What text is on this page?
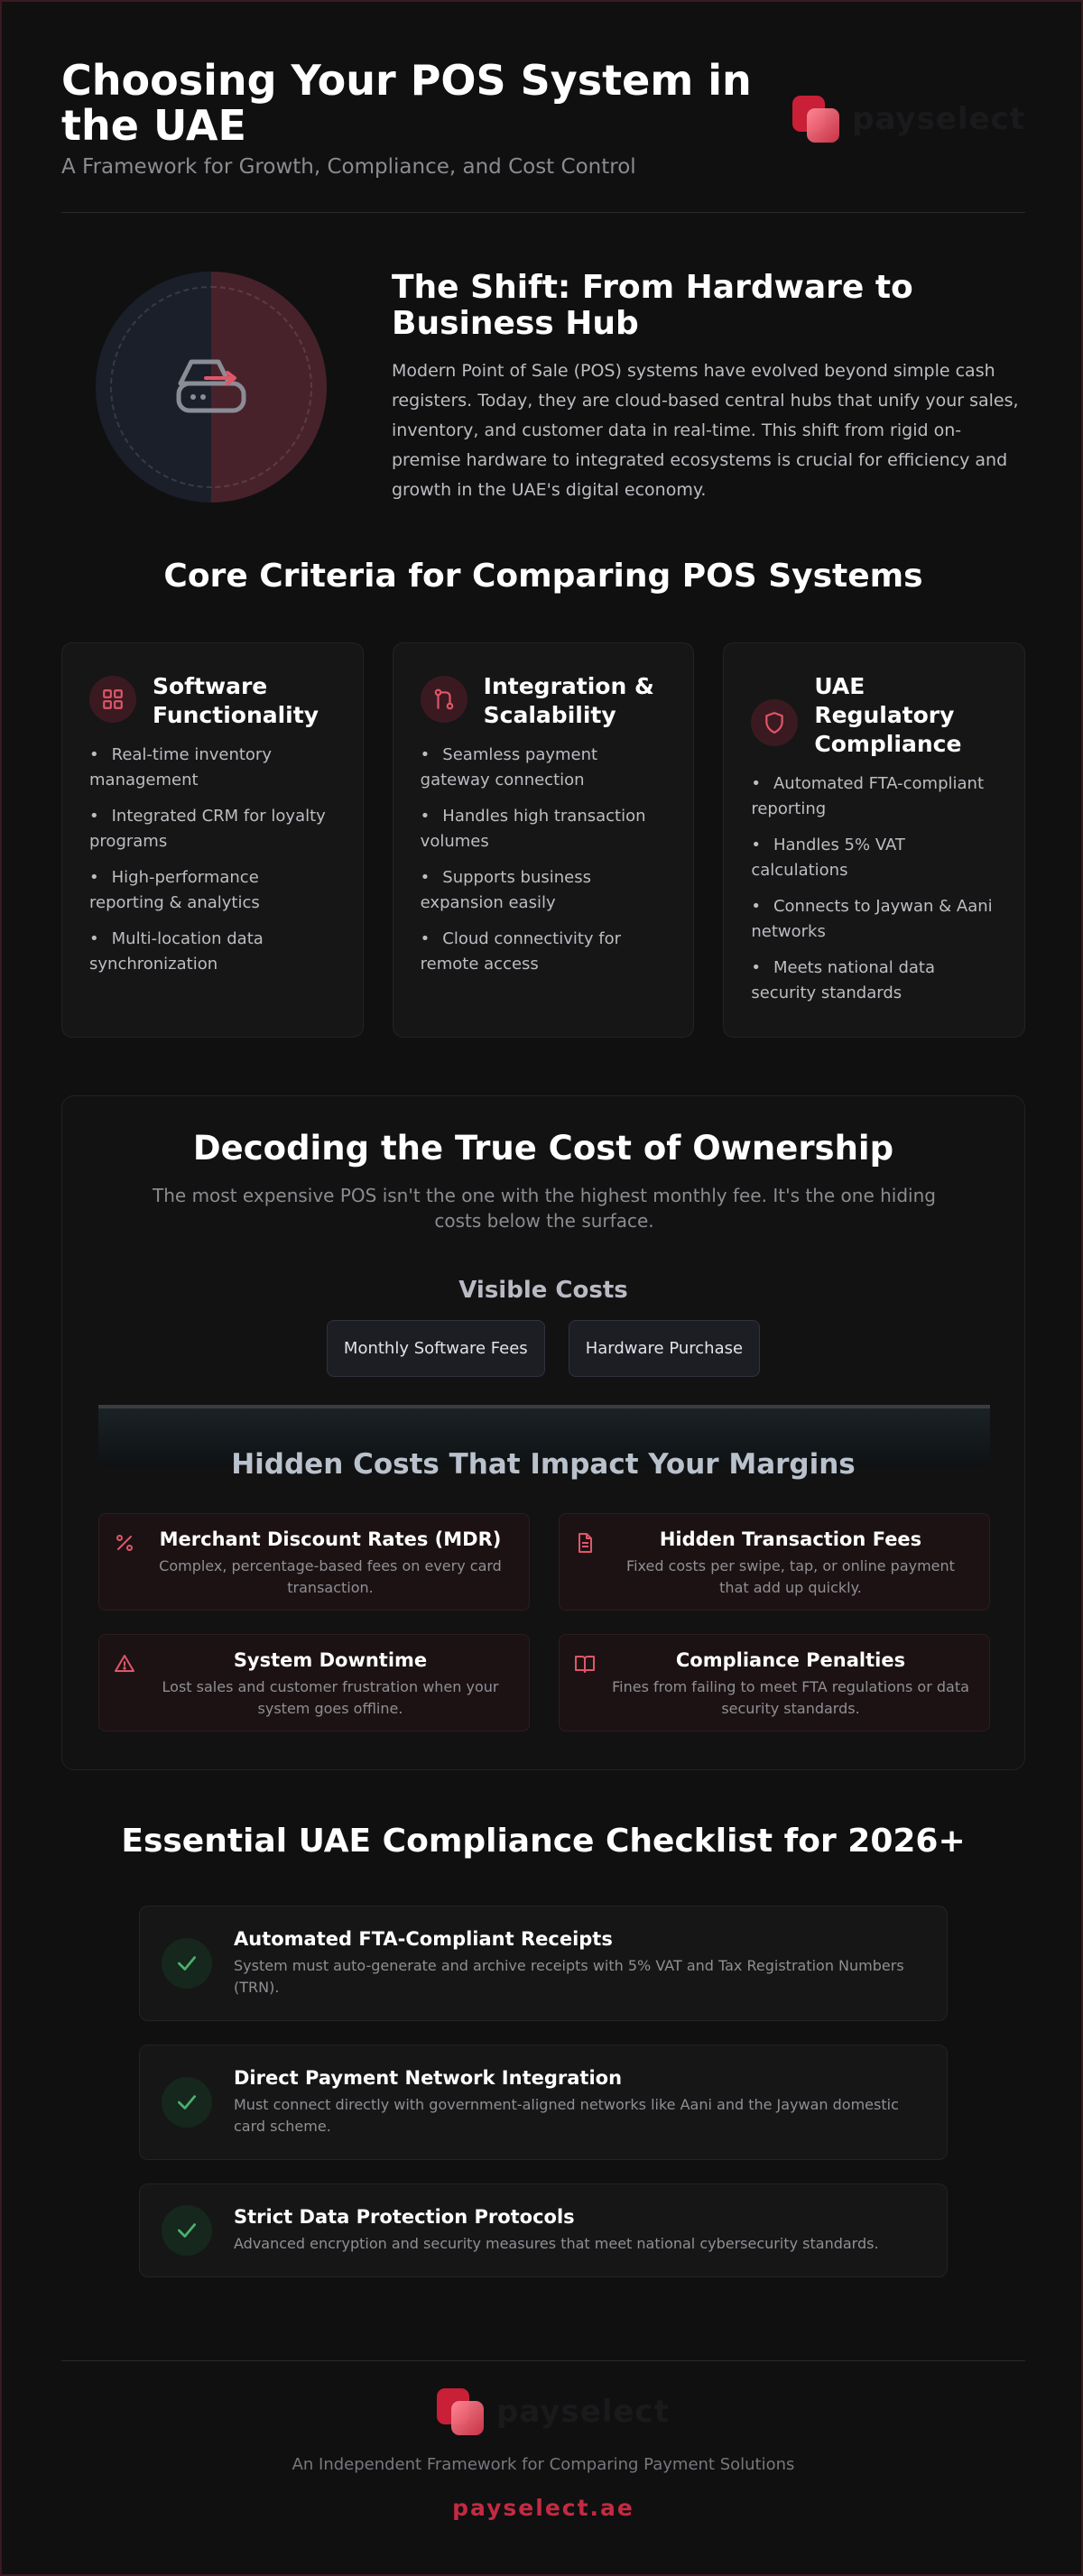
Choosing Your POS System in the UAE
A Framework for Growth, Compliance, and Cost Control
payselect
The Shift: From Hardware to Business Hub

Modern Point of Sale (POS) systems have evolved beyond simple cash registers. Today, they are cloud-based central hubs that unify your sales, inventory, and customer data in real-time. This shift from rigid on-premise hardware to integrated ecosystems is crucial for efficiency and growth in the UAE's digital economy.

Core Criteria for Comparing POS Systems
Software Functionality
• Real-time inventory management
• Integrated CRM for loyalty programs
• High-performance reporting & analytics
• Multi-location data synchronization
Integration & Scalability
• Seamless payment gateway connection
• Handles high transaction volumes
• Supports business expansion easily
• Cloud connectivity for remote access
UAE Regulatory Compliance
• Automated FTA-compliant reporting
• Handles 5% VAT calculations
• Connects to Jaywan & Aani networks
• Meets national data security standards
Decoding the True Cost of Ownership

The most expensive POS isn't the one with the highest monthly fee. It's the one hiding costs below the surface.

Visible Costs
Monthly Software Fees	Hardware Purchase
Hidden Costs That Impact Your Margins
Merchant Discount Rates (MDR)
Complex, percentage-based fees on every card transaction.
Hidden Transaction Fees
Fixed costs per swipe, tap, or online payment that add up quickly.
System Downtime
Lost sales and customer frustration when your system goes offline.
Compliance Penalties
Fines from failing to meet FTA regulations or data security standards.
Essential UAE Compliance Checklist for 2026+
Automated FTA-Compliant Receipts
System must auto-generate and archive receipts with 5% VAT and Tax Registration Numbers (TRN).
Direct Payment Network Integration
Must connect directly with government-aligned networks like Aani and the Jaywan domestic card scheme.
Strict Data Protection Protocols
Advanced encryption and security measures that meet national cybersecurity standards.
payselect
An Independent Framework for Comparing Payment Solutions
payselect.ae
